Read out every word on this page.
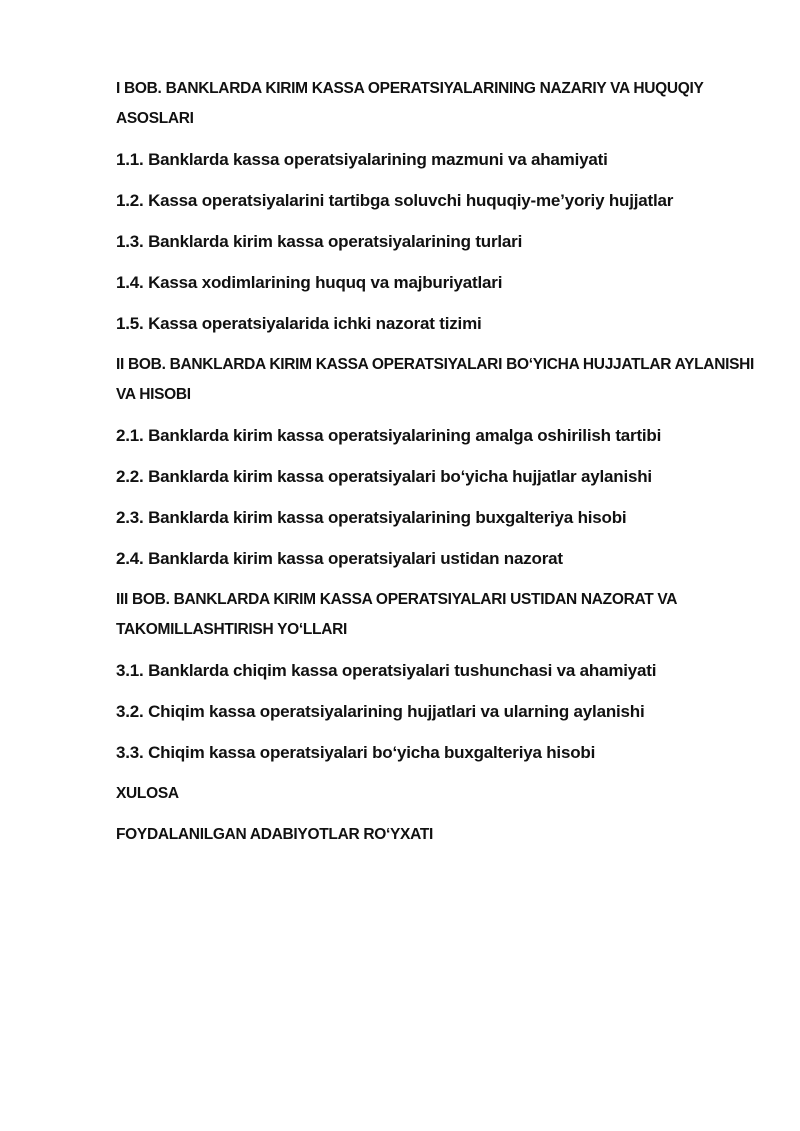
I BOB. BANKLARDA KIRIM KASSA OPERATSIYALARINING NAZARIY VA HUQUQIY ASOSLARI
1.1. Banklarda kassa operatsiyalarining mazmuni va ahamiyati
1.2. Kassa operatsiyalarini tartibga soluvchi huquqiy-me’yoriy hujjatlar
1.3. Banklarda kirim kassa operatsiyalarining turlari
1.4. Kassa xodimlarining huquq va majburiyatlari
1.5. Kassa operatsiyalarida ichki nazorat tizimi
II BOB. BANKLARDA KIRIM KASSA OPERATSIYALARI BO‘YICHA HUJJATLAR AYLANISHI VA HISOBI
2.1. Banklarda kirim kassa operatsiyalarining amalga oshirilish tartibi
2.2. Banklarda kirim kassa operatsiyalari bo‘yicha hujjatlar aylanishi
2.3. Banklarda kirim kassa operatsiyalarining buxgalteriya hisobi
2.4. Banklarda kirim kassa operatsiyalari ustidan nazorat
III BOB. BANKLARDA KIRIM KASSA OPERATSIYALARI USTIDAN NAZORAT VA TAKOMILLASHTIRISH YO‘LLARI
3.1. Banklarda chiqim kassa operatsiyalari tushunchasi va ahamiyati
3.2. Chiqim kassa operatsiyalarining hujjatlari va ularning aylanishi
3.3. Chiqim kassa operatsiyalari bo‘yicha buxgalteriya hisobi
XULOSA
FOYDALANILGAN ADABIYOTLAR RO‘YXATI
